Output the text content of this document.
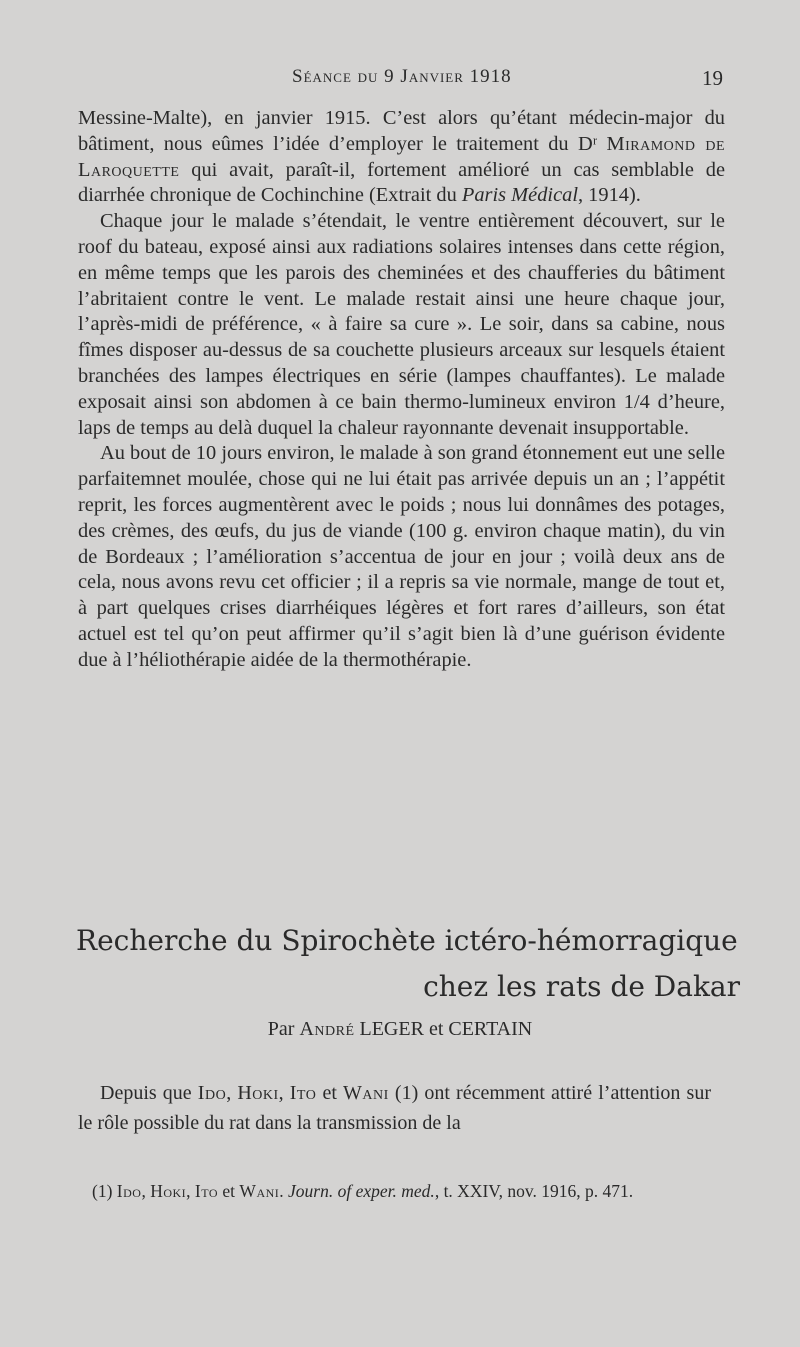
Séance du 9 Janvier 1918	19

Messine-Malte), en janvier 1915. C’est alors qu’étant médecin-major du bâtiment, nous eûmes l’idée d’employer le traitement du Dʳ Miramond de Laroquette qui avait, paraît-il, fortement amélioré un cas semblable de diarrhée chronique de Cochinchine (Extrait du Paris Médical, 1914).

Chaque jour le malade s’étendait, le ventre entièrement découvert, sur le roof du bateau, exposé ainsi aux radiations solaires intenses dans cette région, en même temps que les parois des cheminées et des chaufferies du bâtiment l’abritaient contre le vent. Le malade restait ainsi une heure chaque jour, l’après-midi de préférence, « à faire sa cure ». Le soir, dans sa cabine, nous fîmes disposer au-dessus de sa couchette plusieurs arceaux sur lesquels étaient branchées des lampes électriques en série (lampes chauffantes). Le malade exposait ainsi son abdomen à ce bain thermo-lumineux environ 1/4 d’heure, laps de temps au delà duquel la chaleur rayonnante devenait insupportable.

Au bout de 10 jours environ, le malade à son grand étonnement eut une selle parfaitemnet moulée, chose qui ne lui était pas arrivée depuis un an ; l’appétit reprit, les forces augmentèrent avec le poids ; nous lui donnâmes des potages, des crèmes, des œufs, du jus de viande (100 g. environ chaque matin), du vin de Bordeaux ; l’amélioration s’accentua de jour en jour ; voilà deux ans de cela, nous avons revu cet officier ; il a repris sa vie normale, mange de tout et, à part quelques crises diarrhéiques légères et fort rares d’ailleurs, son état actuel est tel qu’on peut affirmer qu’il s’agit bien là d’une guérison évidente due à l’héliothérapie aidée de la thermothérapie.

Recherche du Spirochète ictéro-hémorragique
chez les rats de Dakar
Par André LEGER et CERTAIN

Depuis que Ido, Hoki, Ito et Wani (1) ont récemment attiré l’attention sur le rôle possible du rat dans la transmission de la

(1) Ido, Hoki, Ito et Wani. Journ. of exper. med., t. XXIV, nov. 1916, p. 471.
